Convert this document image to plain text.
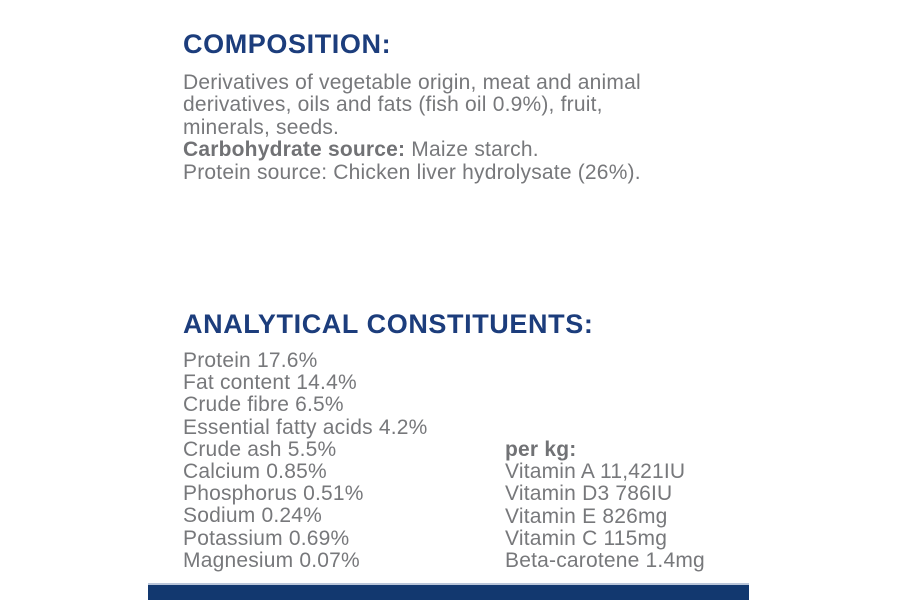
COMPOSITION:
Derivatives of vegetable origin, meat and animal
derivatives, oils and fats (fish oil 0.9%), fruit,
minerals, seeds.
Carbohydrate source: Maize starch.
Protein source: Chicken liver hydrolysate (26%).
ANALYTICAL CONSTITUENTS:
Protein 17.6%
Fat content 14.4%
Crude fibre 6.5%
Essential fatty acids 4.2%
Crude ash 5.5%
Calcium 0.85%
Phosphorus 0.51%
Sodium 0.24%
Potassium 0.69%
Magnesium 0.07%
per kg:
Vitamin A 11,421IU
Vitamin D3 786IU
Vitamin E 826mg
Vitamin C 115mg
Beta-carotene 1.4mg
